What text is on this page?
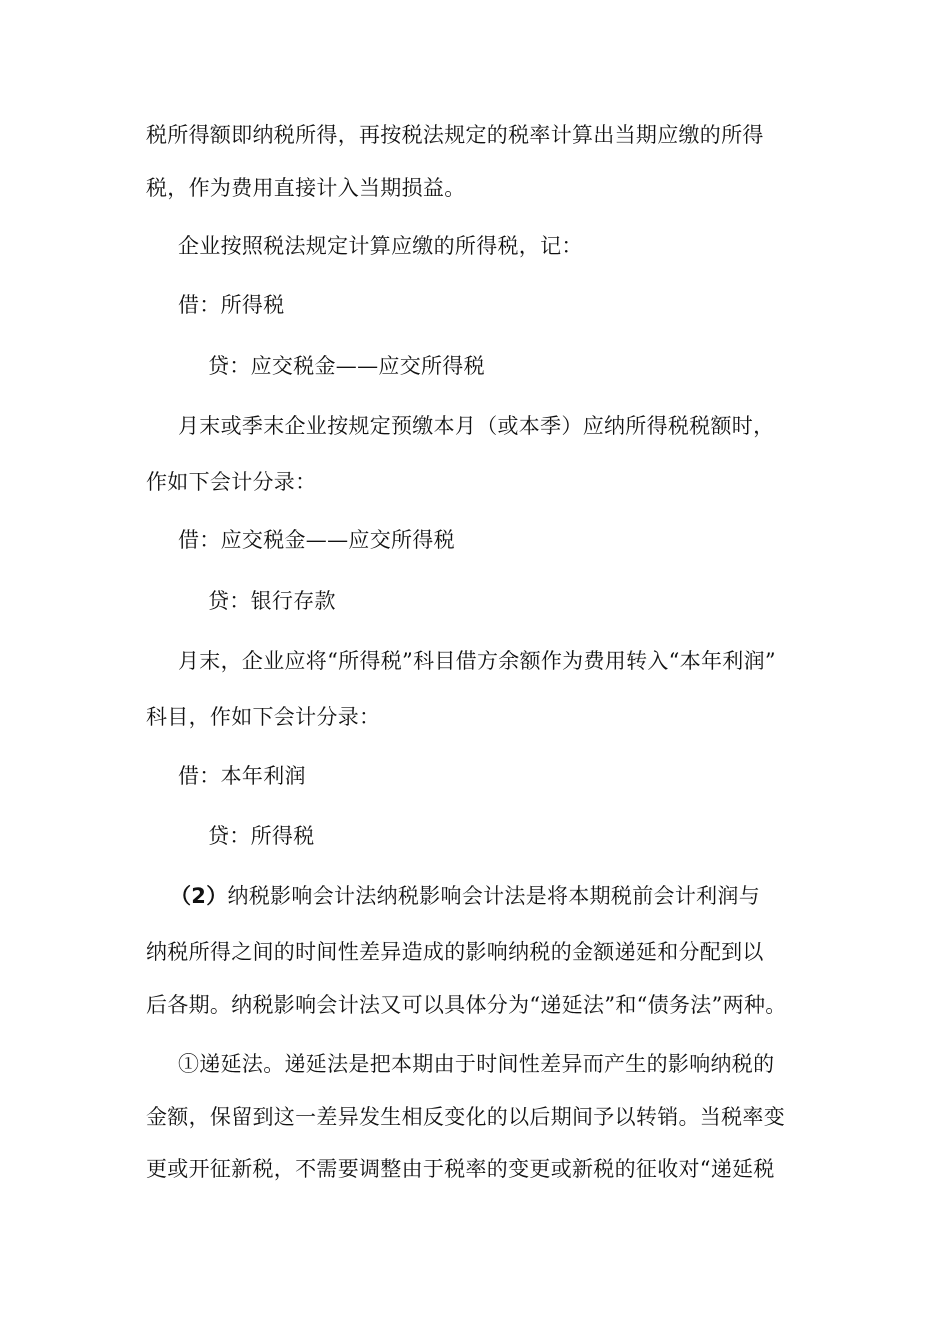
税所得额即纳税所得，再按税法规定的税率计算出当期应缴的所得
税，作为费用直接计入当期损益。
企业按照税法规定计算应缴的所得税，记：
借：所得税
贷：应交税金——应交所得税
月末或季末企业按规定预缴本月（或本季）应纳所得税税额时，
作如下会计分录：
借：应交税金——应交所得税
贷：银行存款
月末，企业应将“所得税”科目借方余额作为费用转入“本年利润”
科目，作如下会计分录：
借：本年利润
贷：所得税
（2）纳税影响会计法纳税影响会计法是将本期税前会计利润与
纳税所得之间的时间性差异造成的影响纳税的金额递延和分配到以
后各期。纳税影响会计法又可以具体分为“递延法”和“债务法”两种。
①递延法。递延法是把本期由于时间性差异而产生的影响纳税的
金额，保留到这一差异发生相反变化的以后期间予以转销。当税率变
更或开征新税，不需要调整由于税率的变更或新税的征收对“递延税
